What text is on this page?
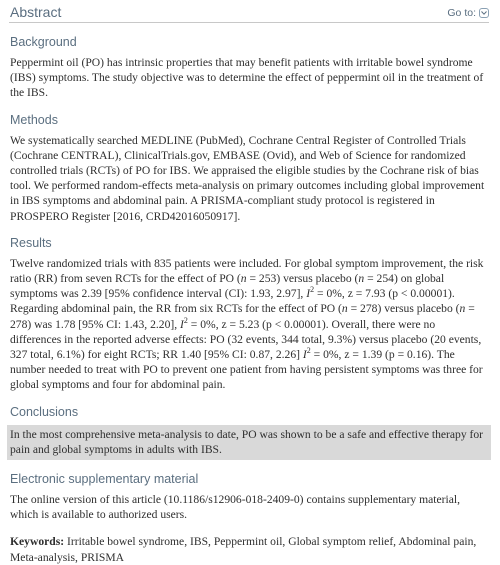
Abstract	Go to:
Background

Peppermint oil (PO) has intrinsic properties that may benefit patients with irritable bowel syndrome (IBS) symptoms. The study objective was to determine the effect of peppermint oil in the treatment of the IBS.

Methods

We systematically searched MEDLINE (PubMed), Cochrane Central Register of Controlled Trials (Cochrane CENTRAL), ClinicalTrials.gov, EMBASE (Ovid), and Web of Science for randomized controlled trials (RCTs) of PO for IBS. We appraised the eligible studies by the Cochrane risk of bias tool. We performed random-effects meta-analysis on primary outcomes including global improvement in IBS symptoms and abdominal pain. A PRISMA-compliant study protocol is registered in PROSPERO Register [2016, CRD42016050917].

Results

Twelve randomized trials with 835 patients were included. For global symptom improvement, the risk ratio (RR) from seven RCTs for the effect of PO (n = 253) versus placebo (n = 254) on global symptoms was 2.39 [95% confidence interval (CI): 1.93, 2.97], $I^2 = 0\%$, z = 7.93 (p < 0.00001). Regarding abdominal pain, the RR from six RCTs for the effect of PO (n = 278) versus placebo (n = 278) was 1.78 [95% CI: 1.43, 2.20], $I^2 = 0\%$, z = 5.23 (p < 0.00001). Overall, there were no differences in the reported adverse effects: PO (32 events, 344 total, 9.3%) versus placebo (20 events, 327 total, 6.1%) for eight RCTs; RR 1.40 [95% CI: 0.87, 2.26] $I^2 = 0\%$, z = 1.39 (p = 0.16). The number needed to treat with PO to prevent one patient from having persistent symptoms was three for global symptoms and four for abdominal pain.

Conclusions

In the most comprehensive meta-analysis to date, PO was shown to be a safe and effective therapy for pain and global symptoms in adults with IBS.

Electronic supplementary material

The online version of this article (10.1186/s12906-018-2409-0) contains supplementary material, which is available to authorized users.

Keywords: Irritable bowel syndrome, IBS, Peppermint oil, Global symptom relief, Abdominal pain, Meta-analysis, PRISMA
